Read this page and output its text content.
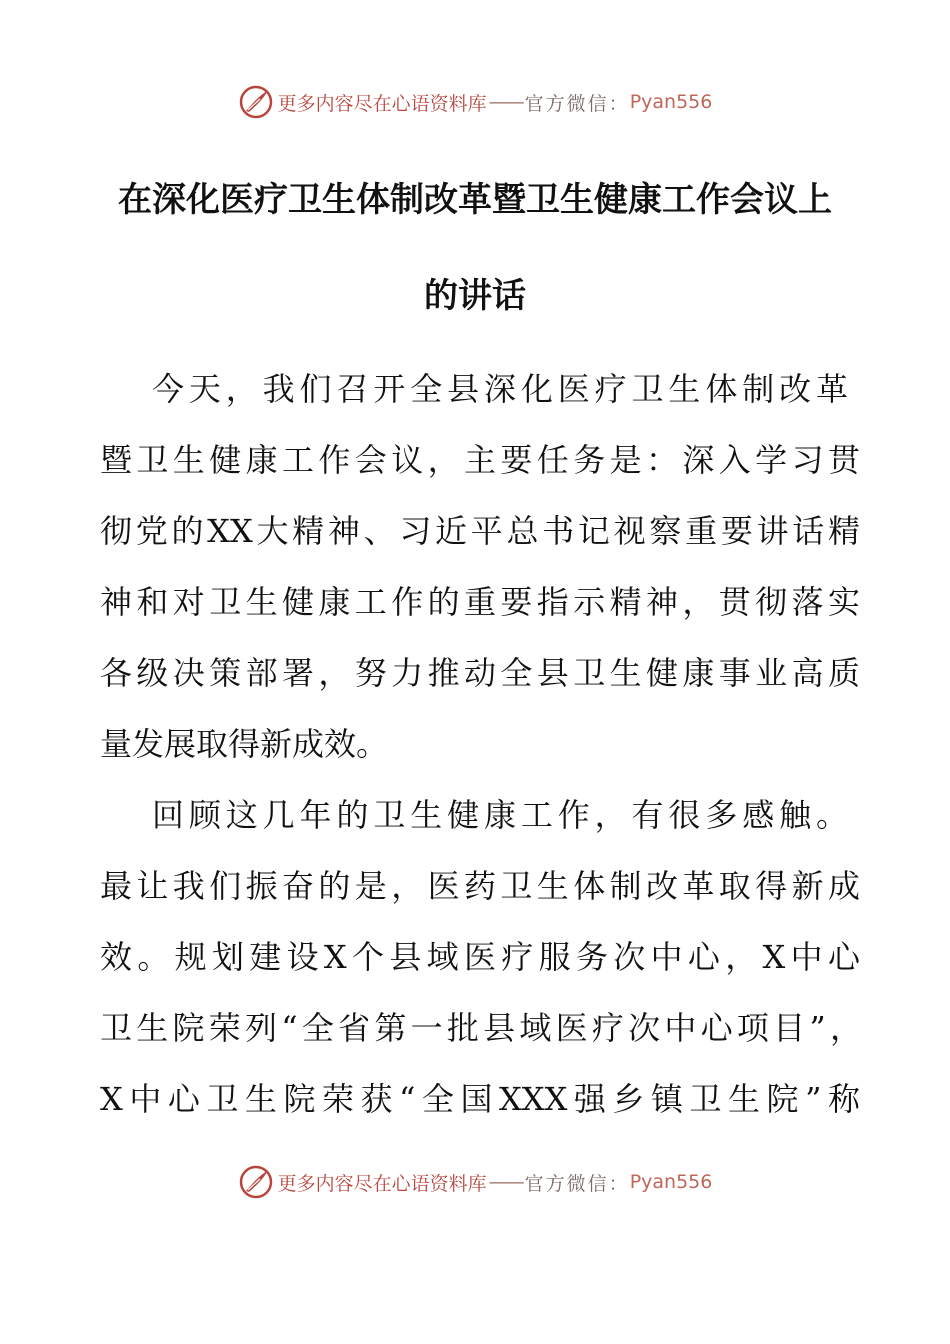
更多内容尽在心语资料库 —— 官方微信： Pyan556
在深化医疗卫生体制改革暨卫生健康工作会议上
的讲话
今天，我们召开全县深化医疗卫生体制改革
暨卫生健康工作会议，主要任务是：深入学习贯
彻党的XX大精神、习近平总书记视察重要讲话精
神和对卫生健康工作的重要指示精神，贯彻落实
各级决策部署，努力推动全县卫生健康事业高质
量发展取得新成效。
回顾这几年的卫生健康工作，有很多感触。
最让我们振奋的是，医药卫生体制改革取得新成
效。规划建设X个县域医疗服务次中心，X中心
卫生院荣列“全省第一批县域医疗次中心项目”，
X中心卫生院荣获“全国XXX强乡镇卫生院”称
更多内容尽在心语资料库 —— 官方微信： Pyan556
